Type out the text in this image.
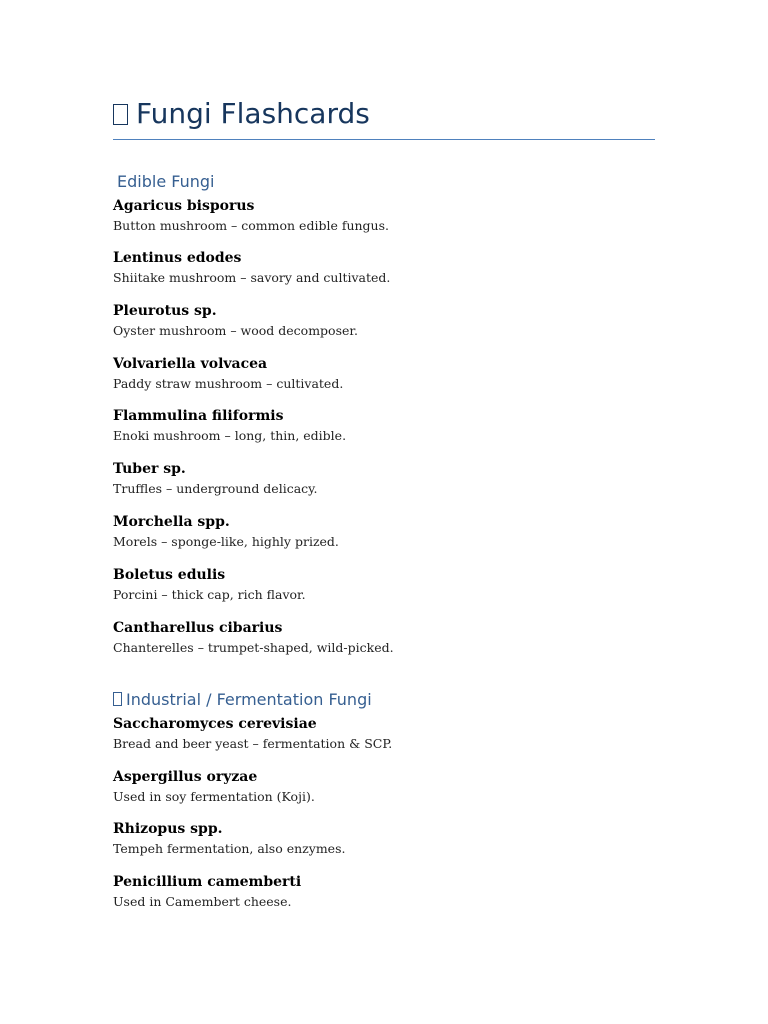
Fungi Flashcards
Edible Fungi
Agaricus bisporus
Button mushroom – common edible fungus.
Lentinus edodes
Shiitake mushroom – savory and cultivated.
Pleurotus sp.
Oyster mushroom – wood decomposer.
Volvariella volvacea
Paddy straw mushroom – cultivated.
Flammulina filiformis
Enoki mushroom – long, thin, edible.
Tuber sp.
Truffles – underground delicacy.
Morchella spp.
Morels – sponge-like, highly prized.
Boletus edulis
Porcini – thick cap, rich flavor.
Cantharellus cibarius
Chanterelles – trumpet-shaped, wild-picked.
Industrial / Fermentation Fungi
Saccharomyces cerevisiae
Bread and beer yeast – fermentation & SCP.
Aspergillus oryzae
Used in soy fermentation (Koji).
Rhizopus spp.
Tempeh fermentation, also enzymes.
Penicillium camemberti
Used in Camembert cheese.
